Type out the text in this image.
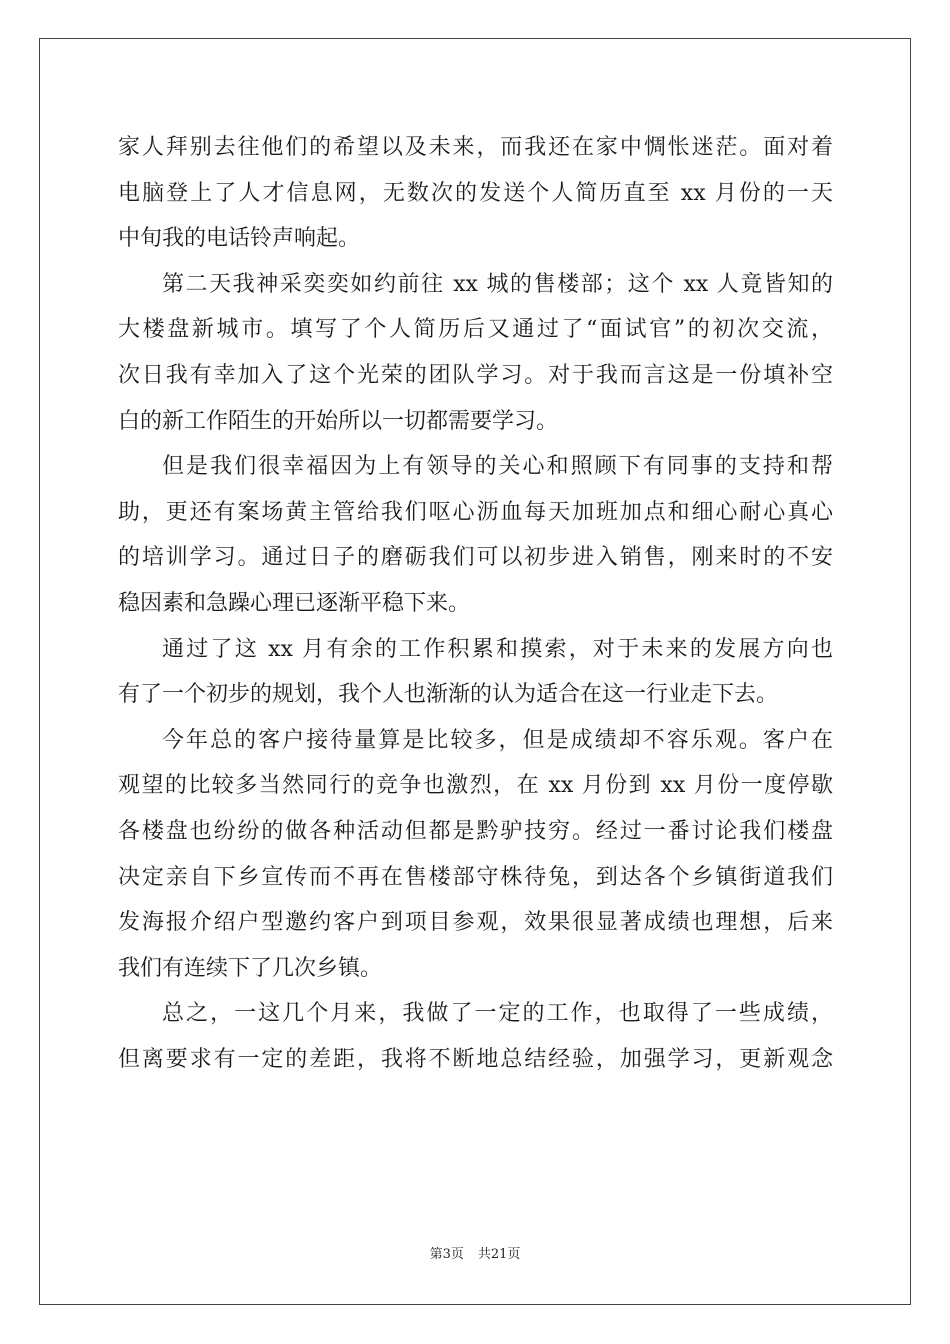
家人拜别去往他们的希望以及未来，而我还在家中惆怅迷茫。面对着
电脑登上了人才信息网，无数次的发送个人简历直至 xx 月份的一天
中旬我的电话铃声响起。
第二天我神采奕奕如约前往 xx 城的售楼部；这个 xx 人竟皆知的
大楼盘新城市。填写了个人简历后又通过了“面试官”的初次交流，
次日我有幸加入了这个光荣的团队学习。对于我而言这是一份填补空
白的新工作陌生的开始所以一切都需要学习。
但是我们很幸福因为上有领导的关心和照顾下有同事的支持和帮
助，更还有案场黄主管给我们呕心沥血每天加班加点和细心耐心真心
的培训学习。通过日子的磨砺我们可以初步进入销售，刚来时的不安
稳因素和急躁心理已逐渐平稳下来。
通过了这 xx 月有余的工作积累和摸索，对于未来的发展方向也
有了一个初步的规划，我个人也渐渐的认为适合在这一行业走下去。
今年总的客户接待量算是比较多，但是成绩却不容乐观。客户在
观望的比较多当然同行的竞争也激烈，在 xx 月份到 xx 月份一度停歇
各楼盘也纷纷的做各种活动但都是黔驴技穷。经过一番讨论我们楼盘
决定亲自下乡宣传而不再在售楼部守株待兔，到达各个乡镇街道我们
发海报介绍户型邀约客户到项目参观，效果很显著成绩也理想，后来
我们有连续下了几次乡镇。
总之，一这几个月来，我做了一定的工作，也取得了一些成绩，
但离要求有一定的差距，我将不断地总结经验，加强学习，更新观念
第3页 共21页
